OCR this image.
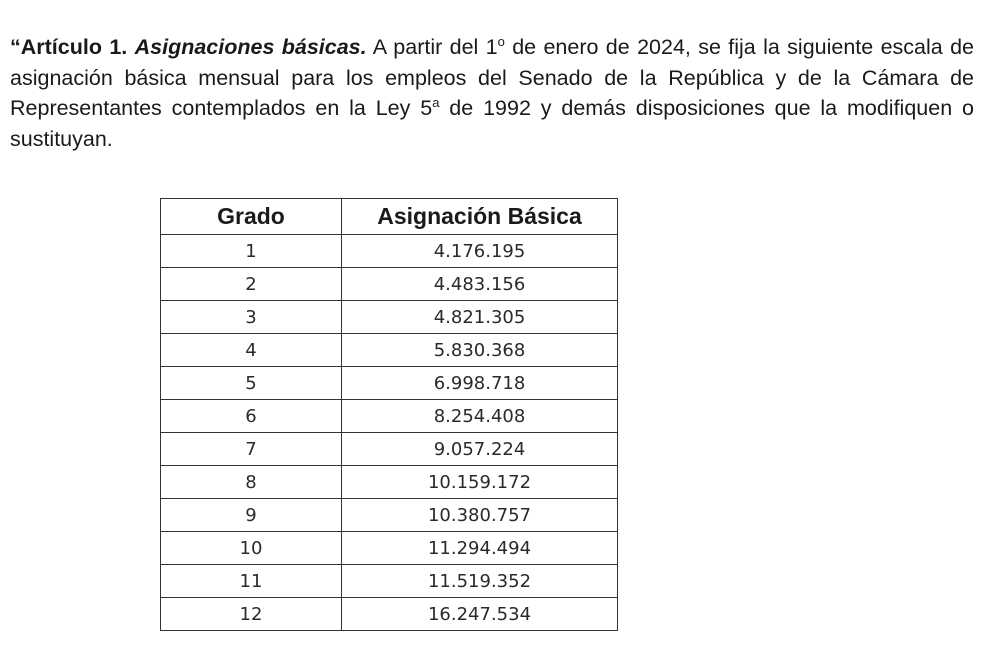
“Artículo 1. Asignaciones básicas. A partir del 1$^o$ de enero de 2024, se fija la siguiente escala de asignación básica mensual para los empleos del Senado de la República y de la Cámara de Representantes contemplados en la Ley 5$^a$ de 1992 y demás disposiciones que la modifiquen o sustituyan.

Grado	Asignación Básica
1	4.176.195
2	4.483.156
3	4.821.305
4	5.830.368
5	6.998.718
6	8.254.408
7	9.057.224
8	10.159.172
9	10.380.757
10	11.294.494
11	11.519.352
12	16.247.534
